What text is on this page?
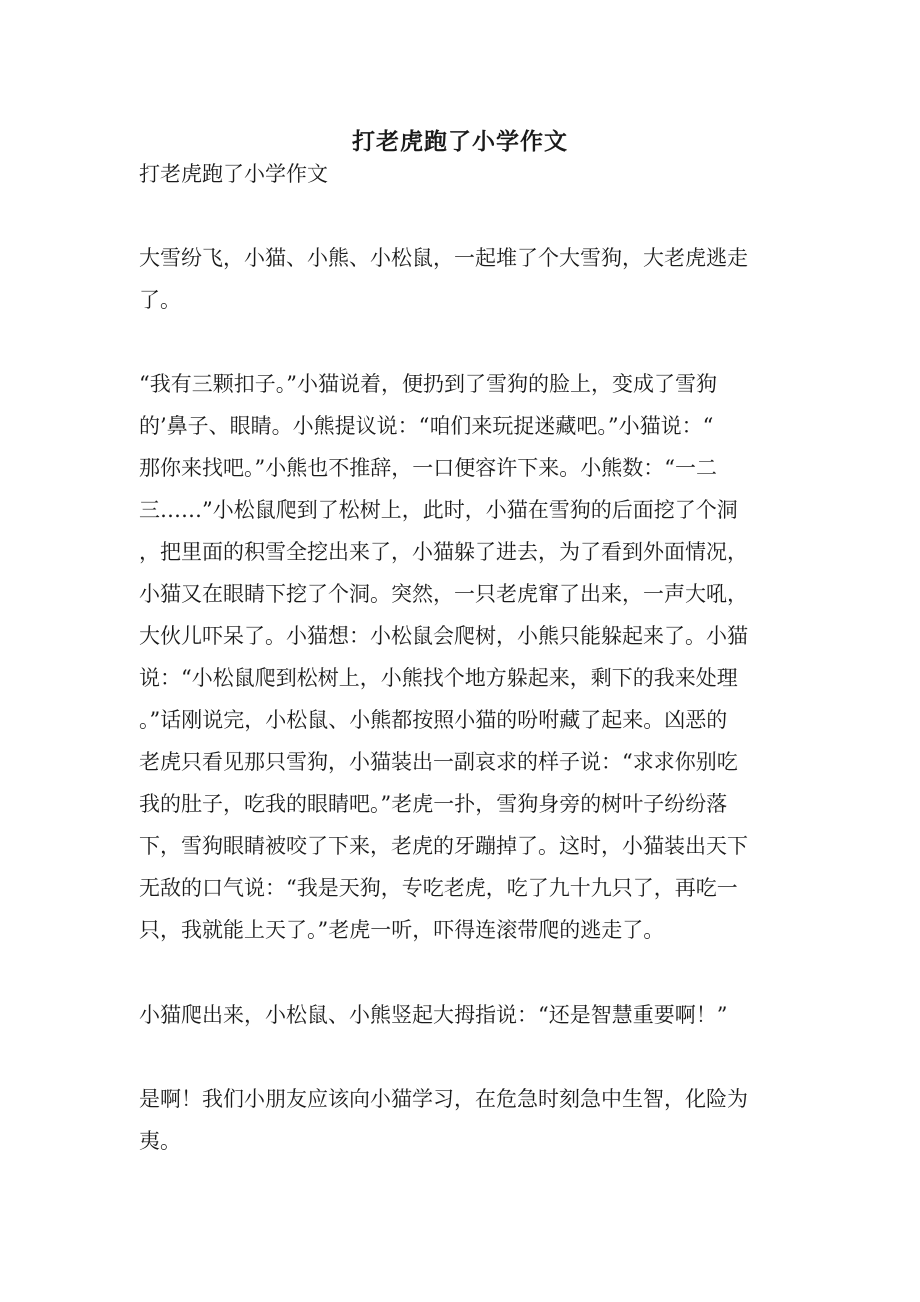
打老虎跑了小学作文
打老虎跑了小学作文

大雪纷飞，小猫、小熊、小松鼠，一起堆了个大雪狗，大老虎逃走
了。

“我有三颗扣子。”小猫说着，便扔到了雪狗的脸上，变成了雪狗
的’鼻子、眼睛。小熊提议说：“咱们来玩捉迷藏吧。”小猫说：“
那你来找吧。”小熊也不推辞，一口便容许下来。小熊数：“一二
三……”小松鼠爬到了松树上，此时，小猫在雪狗的后面挖了个洞
，把里面的积雪全挖出来了，小猫躲了进去，为了看到外面情况，
小猫又在眼睛下挖了个洞。突然，一只老虎窜了出来，一声大吼，
大伙儿吓呆了。小猫想：小松鼠会爬树，小熊只能躲起来了。小猫
说：“小松鼠爬到松树上，小熊找个地方躲起来，剩下的我来处理
。”话刚说完，小松鼠、小熊都按照小猫的吩咐藏了起来。凶恶的
老虎只看见那只雪狗，小猫装出一副哀求的样子说：“求求你别吃
我的肚子，吃我的眼睛吧。”老虎一扑，雪狗身旁的树叶子纷纷落
下，雪狗眼睛被咬了下来，老虎的牙蹦掉了。这时，小猫装出天下
无敌的口气说：“我是天狗，专吃老虎，吃了九十九只了，再吃一
只，我就能上天了。”老虎一听，吓得连滚带爬的逃走了。

小猫爬出来，小松鼠、小熊竖起大拇指说：“还是智慧重要啊！”

是啊！我们小朋友应该向小猫学习，在危急时刻急中生智，化险为
夷。
